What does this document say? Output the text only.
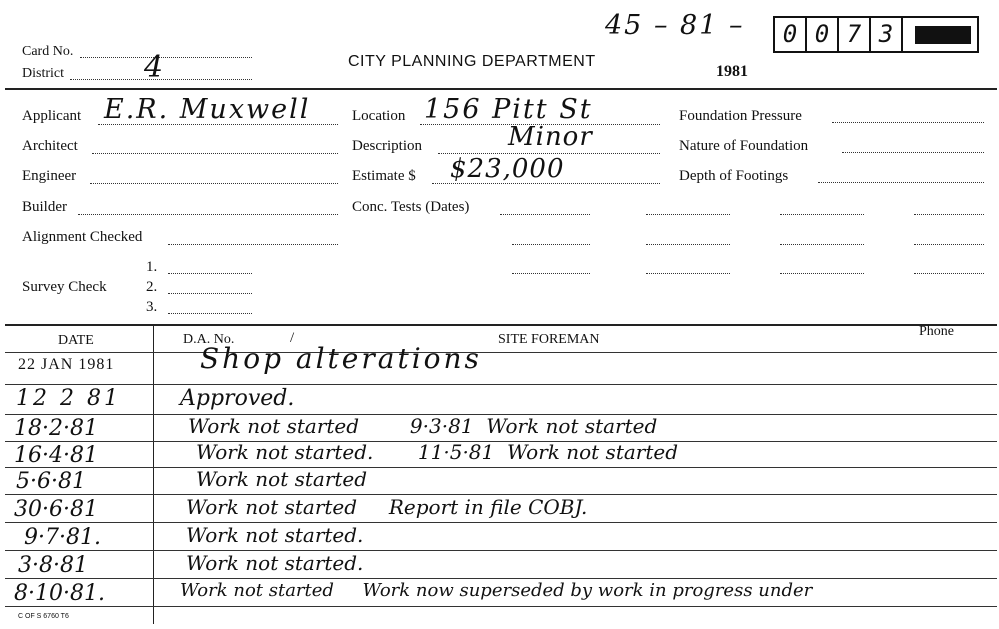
Card No.
District	4	CITY PLANNING DEPARTMENT
45 – 81 –	0 0 7 3
1981
Applicant E.R. Muxwell
Architect
Engineer
Builder
Alignment Checked
Survey Check
1.
2.
3.
Location 156 Pitt St
Description	Minor
Estimate $ $23,000
Conc. Tests (Dates)
Foundation Pressure
Nature of Foundation
Depth of Footings
DATE	D.A. No.	/	SITE FOREMAN
Phone
22 JAN 1981	Shop alterations
12 2 81	Approved.
18·2·81	Work not started        9·3·81  Work not started
16·4·81	Work not started.       11·5·81  Work not started
5·6·81	Work not started
30·6·81	Work not started     Report in file COBJ.
9·7·81.	Work not started.
3·8·81	Work not started.
8·10·81.	Work not started     Work now superseded by work in progress under
C OF S 6760 T6
